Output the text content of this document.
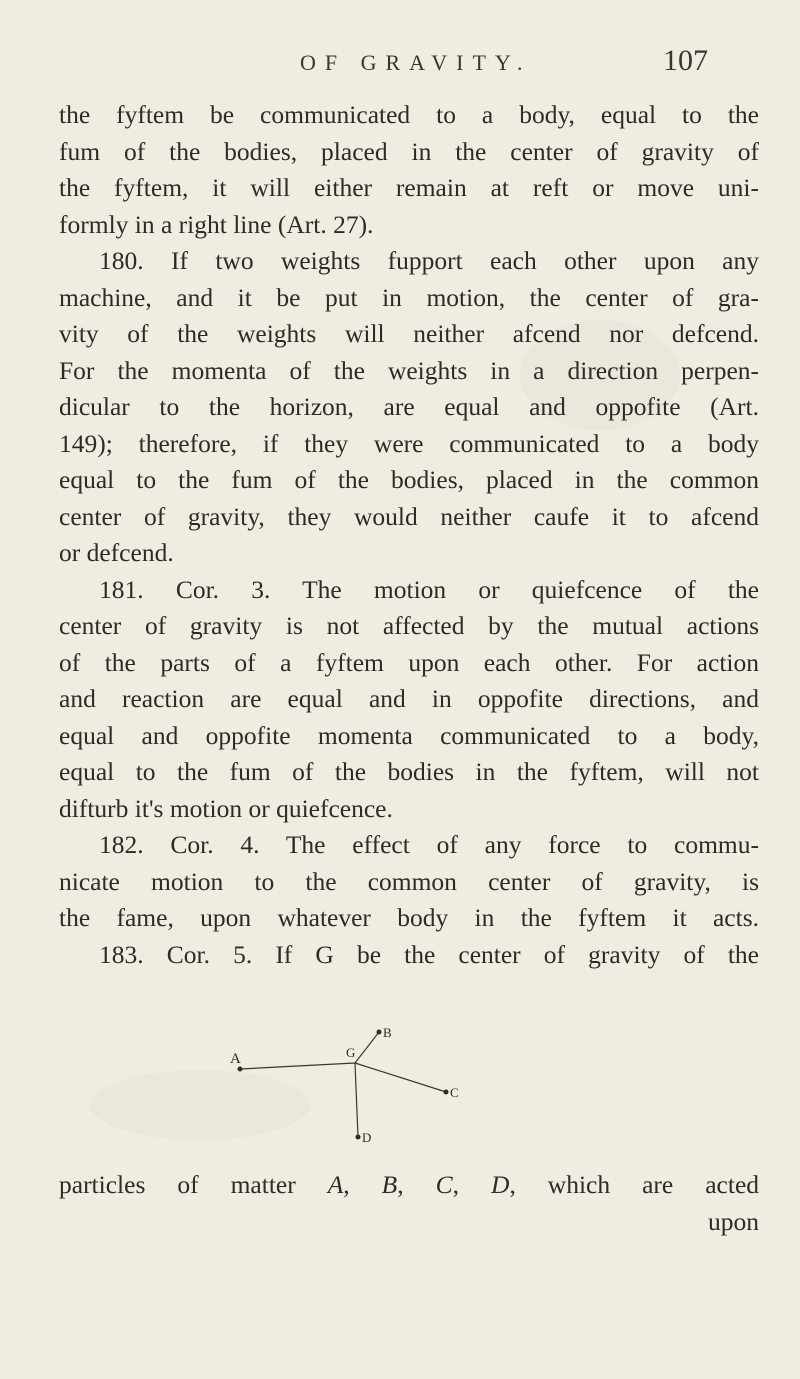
OF GRAVITY.	107
the fyftem be communicated to a body, equal to the
fum of the bodies, placed in the center of gravity of
the fyftem, it will either remain at reft or move uni-
formly in a right line (Art. 27).
180. If two weights fupport each other upon any
machine, and it be put in motion, the center of gra-
vity of the weights will neither afcend nor defcend.
For the momenta of the weights in a direction perpen-
dicular to the horizon, are equal and oppofite (Art.
149); therefore, if they were communicated to a body
equal to the fum of the bodies, placed in the common
center of gravity, they would neither caufe it to afcend
or defcend.
181. Cor. 3. The motion or quiefcence of the
center of gravity is not affected by the mutual actions
of the parts of a fyftem upon each other. For action
and reaction are equal and in oppofite directions, and
equal and oppofite momenta communicated to a body,
equal to the fum of the bodies in the fyftem, will not
difturb it's motion or quiefcence.
182. Cor. 4. The effect of any force to commu-
nicate motion to the common center of gravity, is
the fame, upon whatever body in the fyftem it acts.
183. Cor. 5. If G be the center of gravity of the
A
B
C
D
G
particles of matter A, B, C, D, which are acted
upon
